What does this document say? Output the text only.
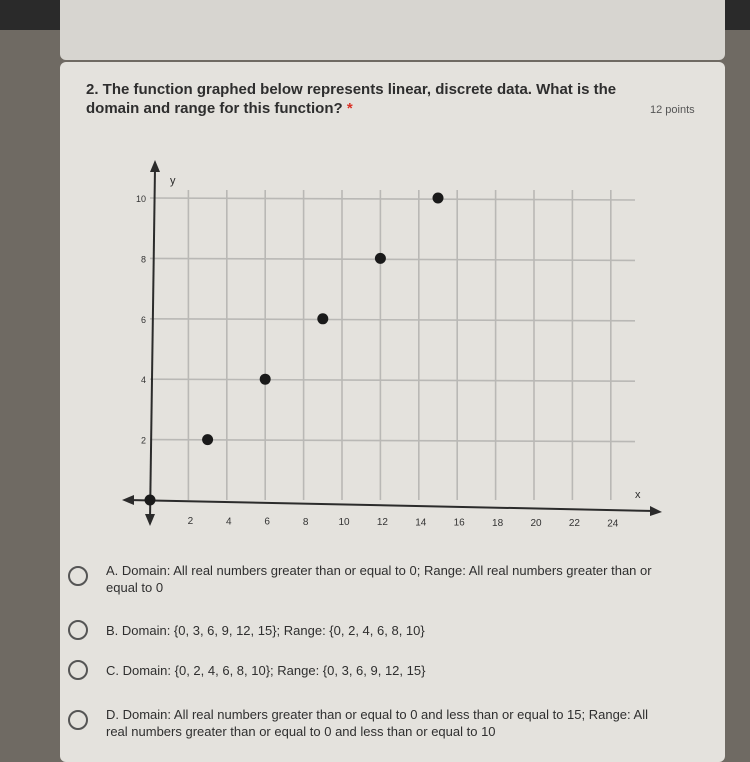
2. The function graphed below represents linear, discrete data. What is the domain and range for this function? *	12 points
x
y
2	4	6	8	10	12	14	16	18	20	22	24
2
4
6
8
10
A. Domain: All real numbers greater than or equal to 0; Range: All real numbers greater than or equal to 0
B. Domain: {0, 3, 6, 9, 12, 15}; Range: {0, 2, 4, 6, 8, 10}
C. Domain: {0, 2, 4, 6, 8, 10}; Range: {0, 3, 6, 9, 12, 15}
D. Domain: All real numbers greater than or equal to 0 and less than or equal to 15; Range: All real numbers greater than or equal to 0 and less than or equal to 10
